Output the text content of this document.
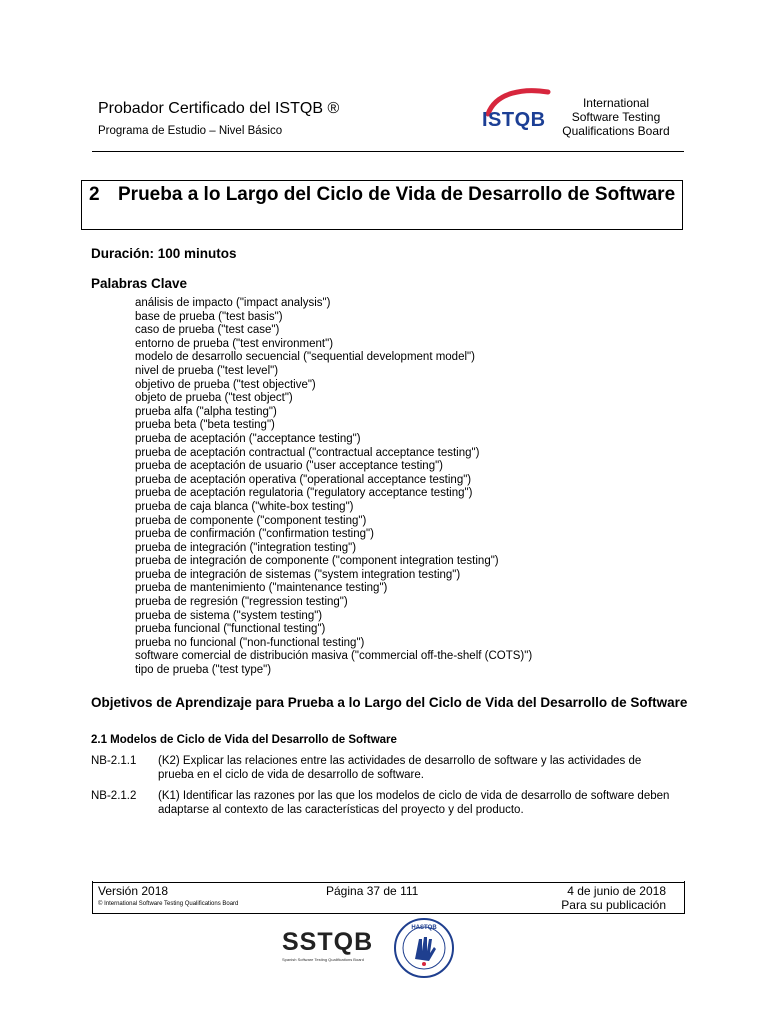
Probador Certificado del ISTQB ®
Programa de Estudio – Nivel Básico	ISTQB
International
Software Testing
Qualifications Board
2 Prueba a lo Largo del Ciclo de Vida de Desarrollo de Software
Duración: 100 minutos
Palabras Clave
análisis de impacto ("impact analysis")
base de prueba ("test basis")
caso de prueba ("test case")
entorno de prueba ("test environment")
modelo de desarrollo secuencial ("sequential development model")
nivel de prueba ("test level")
objetivo de prueba ("test objective")
objeto de prueba ("test object")
prueba alfa ("alpha testing")
prueba beta ("beta testing")
prueba de aceptación ("acceptance testing")
prueba de aceptación contractual ("contractual acceptance testing")
prueba de aceptación de usuario ("user acceptance testing")
prueba de aceptación operativa ("operational acceptance testing")
prueba de aceptación regulatoria ("regulatory acceptance testing")
prueba de caja blanca ("white-box testing")
prueba de componente ("component testing")
prueba de confirmación ("confirmation testing")
prueba de integración ("integration testing")
prueba de integración de componente ("component integration testing")
prueba de integración de sistemas ("system integration testing")
prueba de mantenimiento ("maintenance testing")
prueba de regresión ("regression testing")
prueba de sistema ("system testing")
prueba funcional ("functional testing")
prueba no funcional ("non-functional testing")
software comercial de distribución masiva ("commercial off-the-shelf (COTS)")
tipo de prueba ("test type")
Objetivos de Aprendizaje para Prueba a lo Largo del Ciclo de Vida del Desarrollo de Software
2.1 Modelos de Ciclo de Vida del Desarrollo de Software
NB-2.1.1 (K2) Explicar las relaciones entre las actividades de desarrollo de software y las actividades de prueba en el ciclo de vida de desarrollo de software.
NB-2.1.2 (K1) Identificar las razones por las que los modelos de ciclo de vida de desarrollo de software deben adaptarse al contexto de las características del proyecto y del producto.
Versión 2018
© International Software Testing Qualifications Board
Página 37 de 111	4 de junio de 2018
Para su publicación
SSTQB
Spanish Software Testing Qualifications Board
HASTQB
